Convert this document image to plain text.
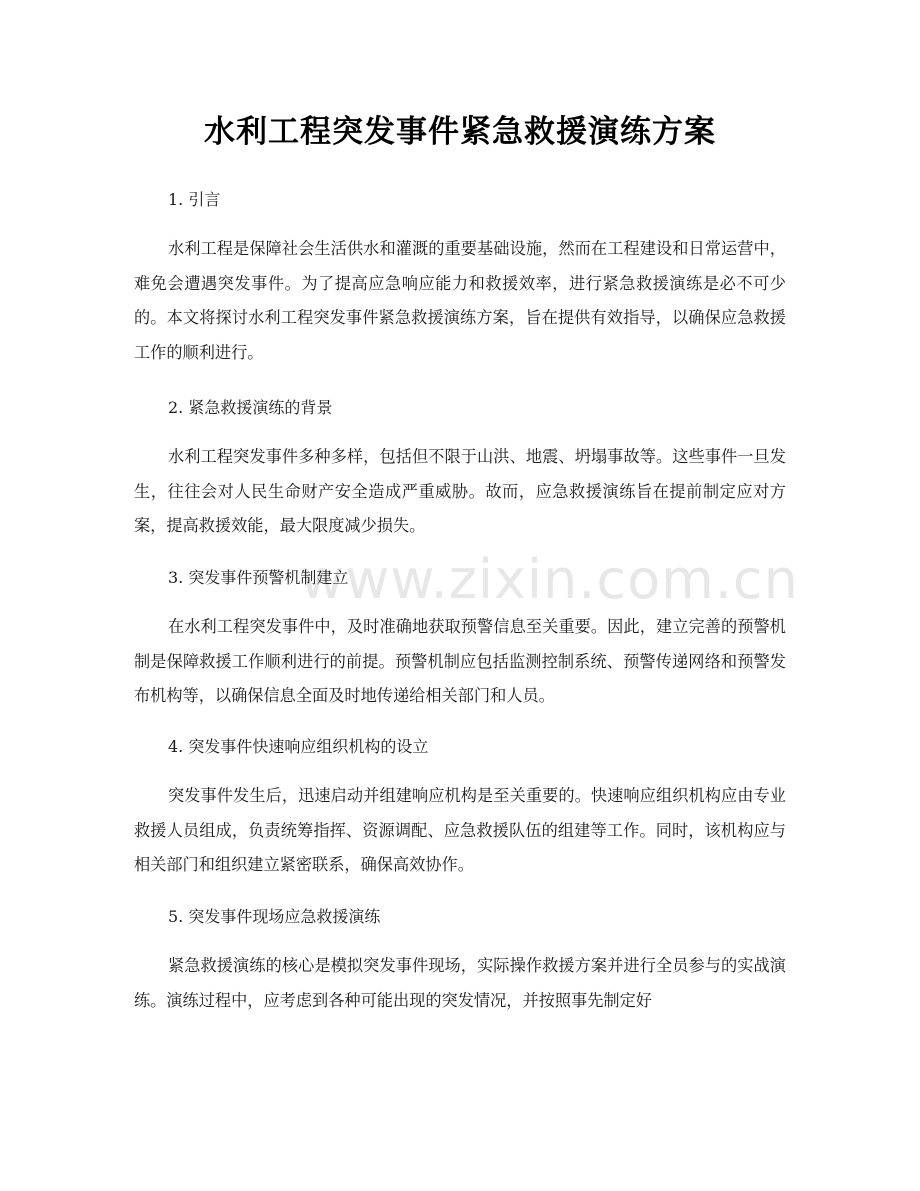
www.zixin.com.cn
水利工程突发事件紧急救援演练方案
1. 引言
水利工程是保障社会生活供水和灌溉的重要基础设施，然而在工程建设和日常运营中，难免会遭遇突发事件。为了提高应急响应能力和救援效率，进行紧急救援演练是必不可少的。本文将探讨水利工程突发事件紧急救援演练方案，旨在提供有效指导，以确保应急救援工作的顺利进行。
2. 紧急救援演练的背景
水利工程突发事件多种多样，包括但不限于山洪、地震、坍塌事故等。这些事件一旦发生，往往会对人民生命财产安全造成严重威胁。故而，应急救援演练旨在提前制定应对方案，提高救援效能，最大限度减少损失。
3. 突发事件预警机制建立
在水利工程突发事件中，及时准确地获取预警信息至关重要。因此，建立完善的预警机制是保障救援工作顺利进行的前提。预警机制应包括监测控制系统、预警传递网络和预警发布机构等，以确保信息全面及时地传递给相关部门和人员。
4. 突发事件快速响应组织机构的设立
突发事件发生后，迅速启动并组建响应机构是至关重要的。快速响应组织机构应由专业救援人员组成，负责统筹指挥、资源调配、应急救援队伍的组建等工作。同时，该机构应与相关部门和组织建立紧密联系，确保高效协作。
5. 突发事件现场应急救援演练
紧急救援演练的核心是模拟突发事件现场，实际操作救援方案并进行全员参与的实战演练。演练过程中，应考虑到各种可能出现的突发情况，并按照事先制定好
